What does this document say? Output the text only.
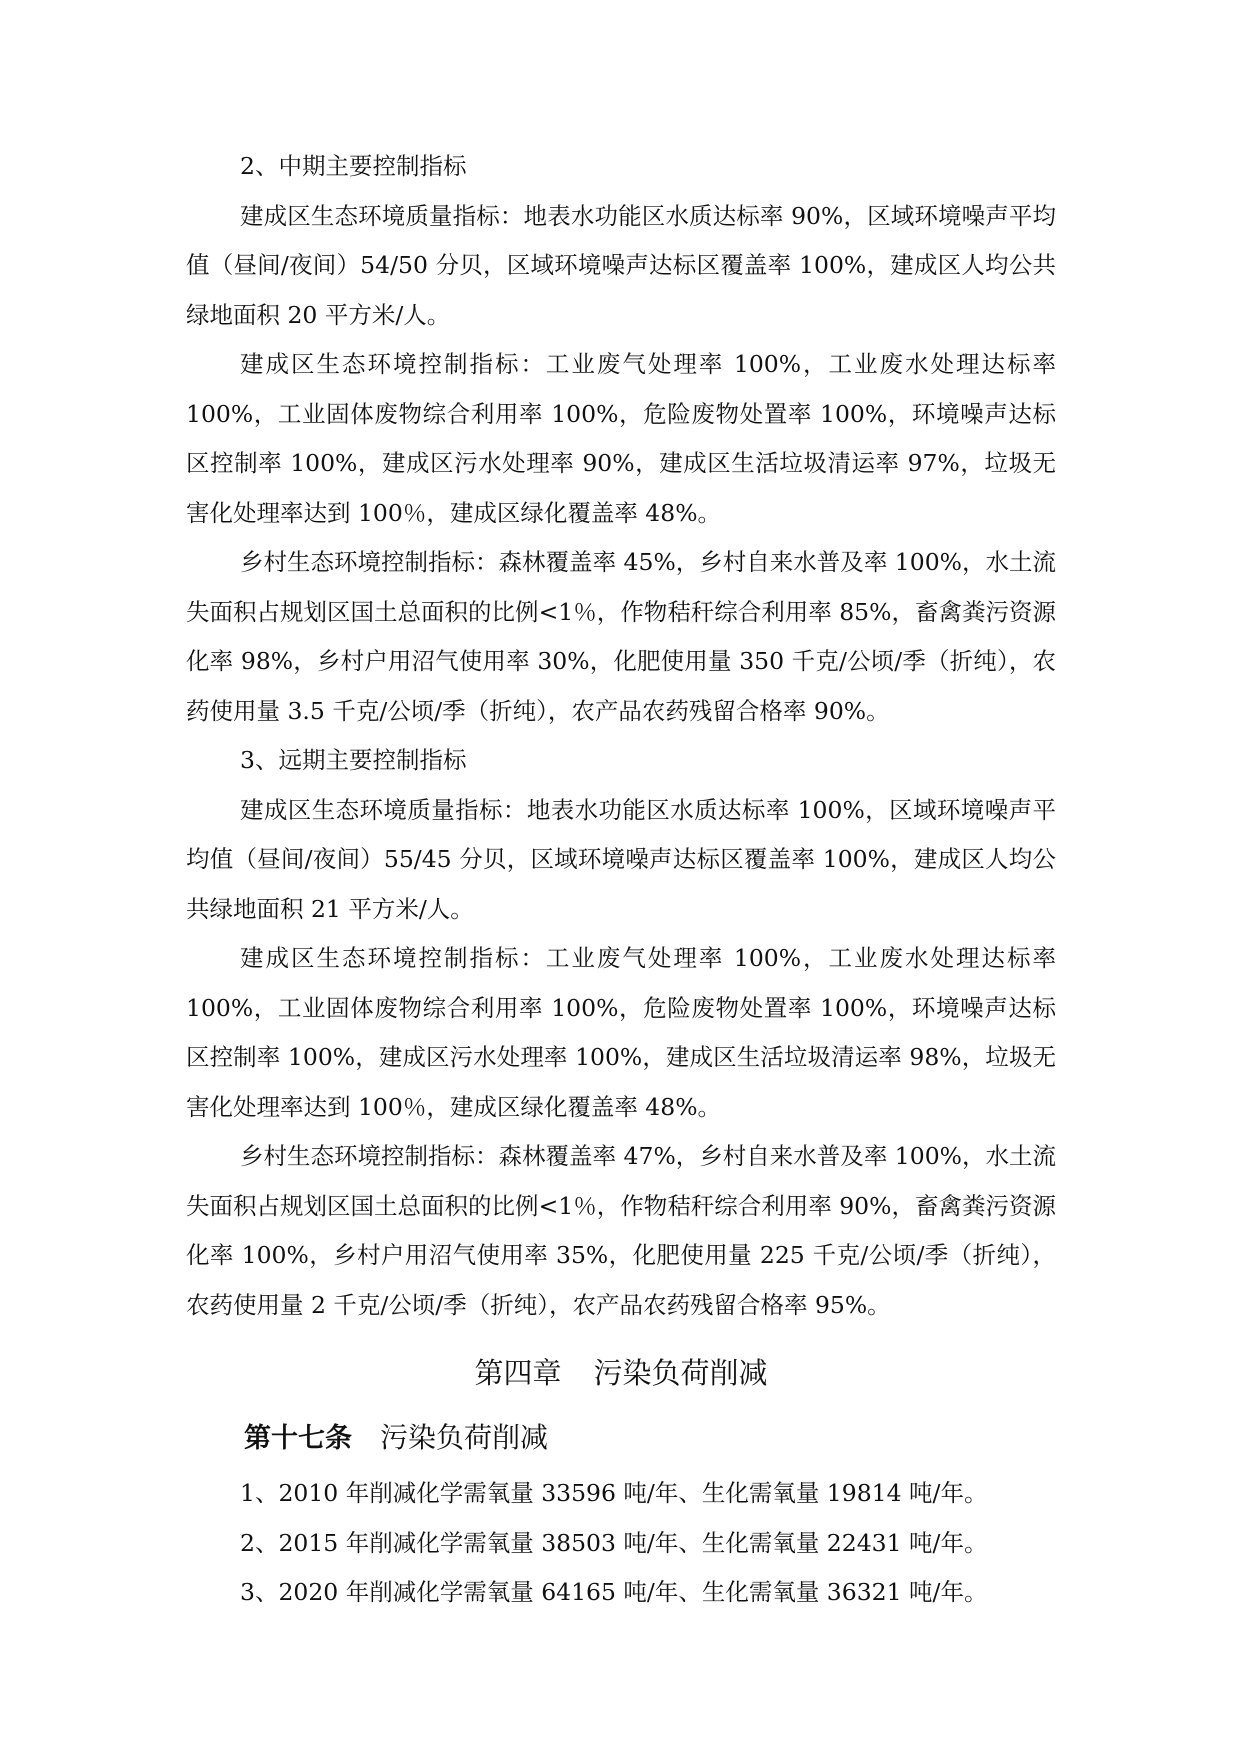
2、中期主要控制指标

建成区生态环境质量指标：地表水功能区水质达标率 90%，区域环境噪声平均值（昼间/夜间）54/50 分贝，区域环境噪声达标区覆盖率 100%，建成区人均公共绿地面积 20 平方米/人。

建成区生态环境控制指标：工业废气处理率 100%，工业废水处理达标率 100%，工业固体废物综合利用率 100%，危险废物处置率 100%，环境噪声达标区控制率 100%，建成区污水处理率 90%，建成区生活垃圾清运率 97%，垃圾无害化处理率达到 100％，建成区绿化覆盖率 48%。

乡村生态环境控制指标：森林覆盖率 45%，乡村自来水普及率 100%，水土流失面积占规划区国土总面积的比例<1％，作物秸秆综合利用率 85%，畜禽粪污资源化率 98%，乡村户用沼气使用率 30%，化肥使用量 350 千克/公顷/季（折纯），农药使用量 3.5 千克/公顷/季（折纯），农产品农药残留合格率 90%。

3、远期主要控制指标

建成区生态环境质量指标：地表水功能区水质达标率 100%，区域环境噪声平均值（昼间/夜间）55/45 分贝，区域环境噪声达标区覆盖率 100%，建成区人均公共绿地面积 21 平方米/人。

建成区生态环境控制指标：工业废气处理率 100%，工业废水处理达标率 100%，工业固体废物综合利用率 100%，危险废物处置率 100%，环境噪声达标区控制率 100%，建成区污水处理率 100%，建成区生活垃圾清运率 98%，垃圾无害化处理率达到 100％，建成区绿化覆盖率 48%。

乡村生态环境控制指标：森林覆盖率 47%，乡村自来水普及率 100%，水土流失面积占规划区国土总面积的比例<1％，作物秸秆综合利用率 90%，畜禽粪污资源化率 100%，乡村户用沼气使用率 35%，化肥使用量 225 千克/公顷/季（折纯），农药使用量 2 千克/公顷/季（折纯），农产品农药残留合格率 95%。

第四章 污染负荷削减
第十七条 污染负荷削减

1、2010 年削减化学需氧量 33596 吨/年、生化需氧量 19814 吨/年。

2、2015 年削减化学需氧量 38503 吨/年、生化需氧量 22431 吨/年。

3、2020 年削减化学需氧量 64165 吨/年、生化需氧量 36321 吨/年。
